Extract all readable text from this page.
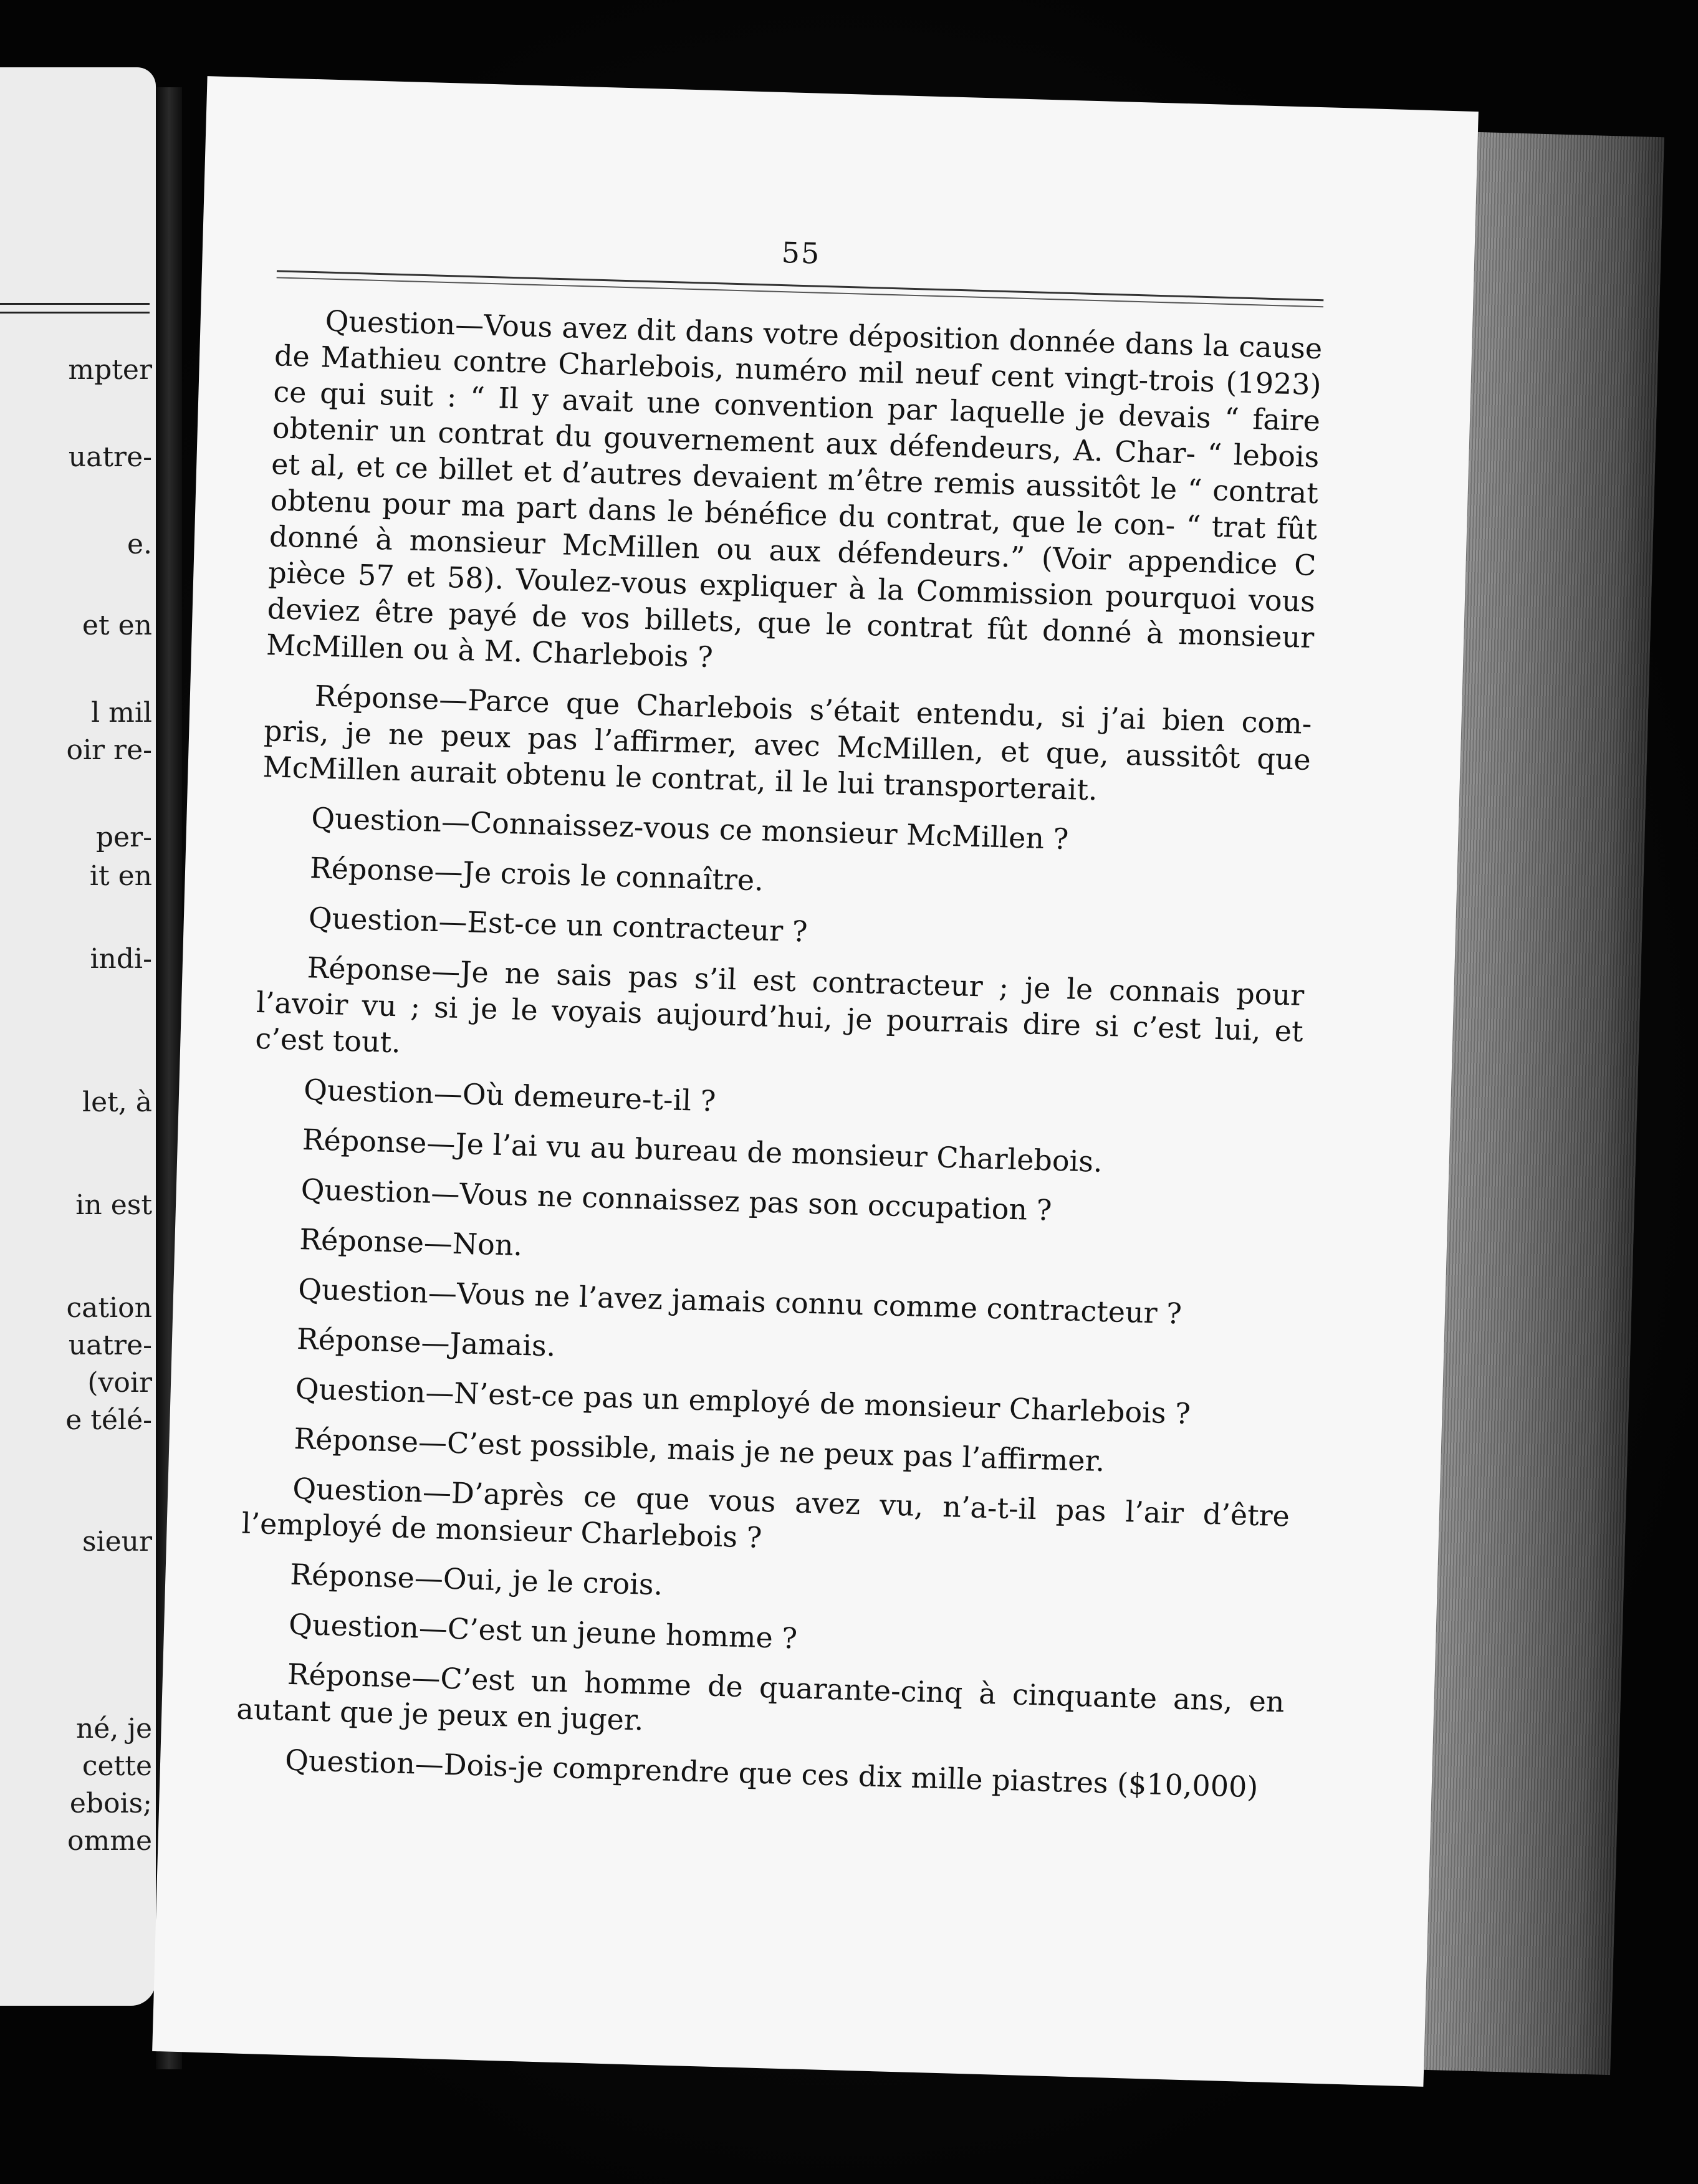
mpter
uatre-
e.
et en
l mil
oir re-
per-
it en
indi-
let, à
in est
cation
uatre-
(voir
e télé-
sieur
né, je
cette
ebois;
omme
55

Question—Vous avez dit dans votre déposition donnée dans la cause de Mathieu contre Charlebois, numéro mil neuf cent vingt-trois (1923) ce qui suit : “ Il y avait une convention par laquelle je devais “ faire obtenir un contrat du gouvernement aux défendeurs, A. Char- “ lebois et al, et ce billet et d’autres devaient m’être remis aussitôt le “ contrat obtenu pour ma part dans le bénéfice du contrat, que le con- “ trat fût donné à monsieur McMillen ou aux défendeurs.” (Voir appendice C pièce 57 et 58). Voulez-vous expliquer à la Commission pourquoi vous deviez être payé de vos billets, que le contrat fût donné à monsieur McMillen ou à M. Charlebois ?

Réponse—Parce que Charlebois s’était entendu, si j’ai bien com- pris, je ne peux pas l’affirmer, avec McMillen, et que, aussitôt que McMillen aurait obtenu le contrat, il le lui transporterait.

Question—Connaissez-vous ce monsieur McMillen ?

Réponse—Je crois le connaître.

Question—Est-ce un contracteur ?

Réponse—Je ne sais pas s’il est contracteur ; je le connais pour l’avoir vu ; si je le voyais aujourd’hui, je pourrais dire si c’est lui, et c’est tout.

Question—Où demeure-t-il ?

Réponse—Je l’ai vu au bureau de monsieur Charlebois.

Question—Vous ne connaissez pas son occupation ?

Réponse—Non.

Question—Vous ne l’avez jamais connu comme contracteur ?

Réponse—Jamais.

Question—N’est-ce pas un employé de monsieur Charlebois ?

Réponse—C’est possible, mais je ne peux pas l’affirmer.

Question—D’après ce que vous avez vu, n’a-t-il pas l’air d’être l’employé de monsieur Charlebois ?

Réponse—Oui, je le crois.

Question—C’est un jeune homme ?

Réponse—C’est un homme de quarante-cinq à cinquante ans, en autant que je peux en juger.

Question—Dois-je comprendre que ces dix mille piastres ($10,000)
